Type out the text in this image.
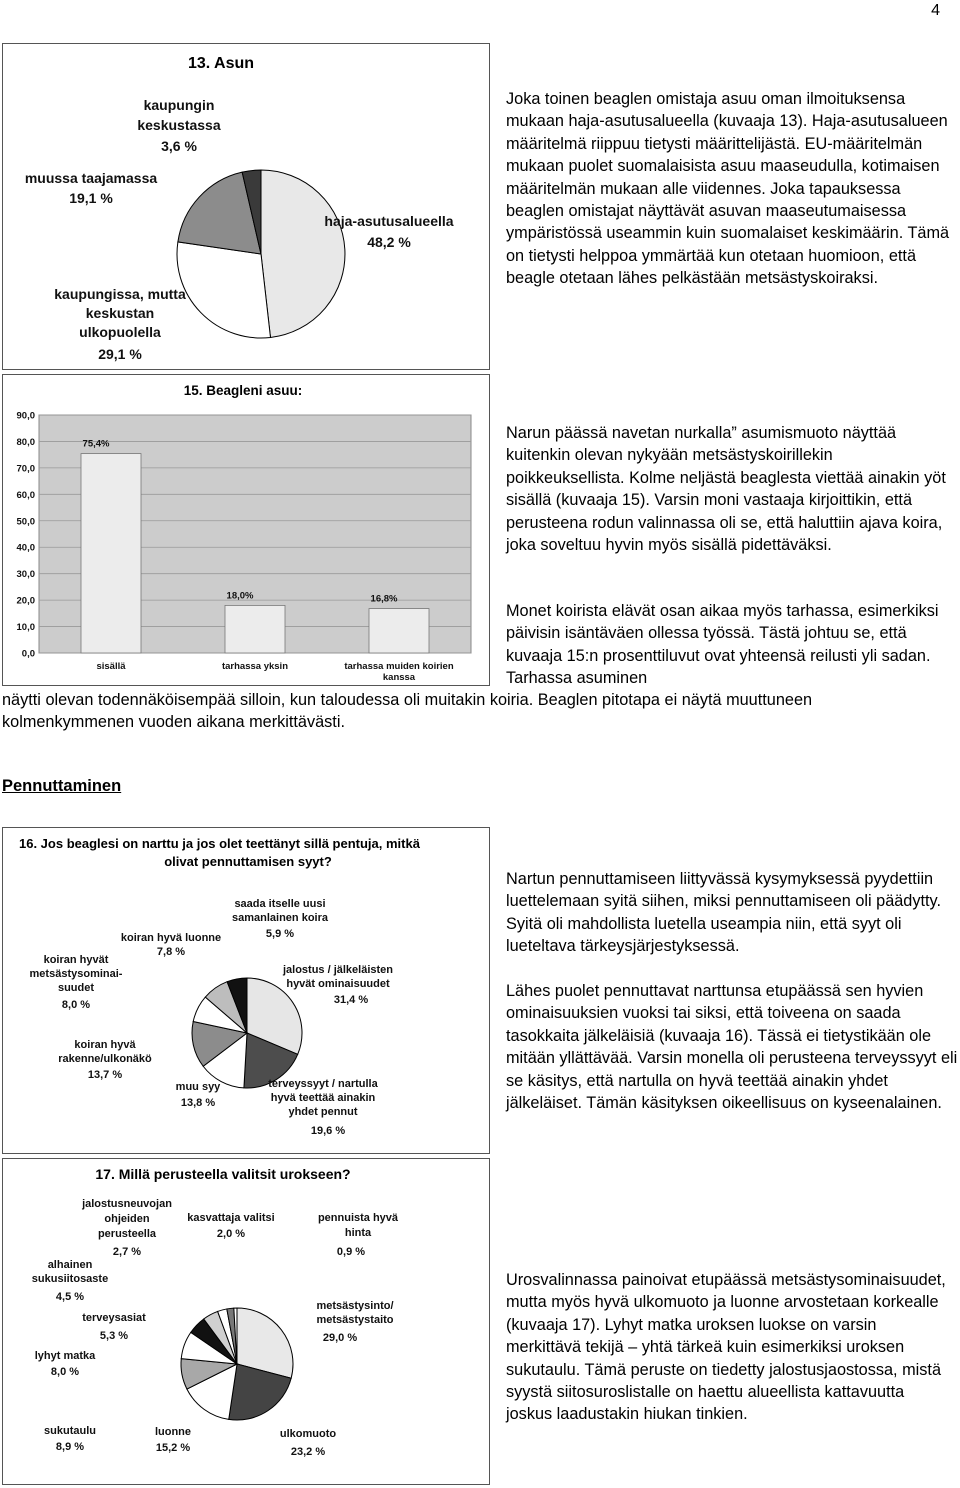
4
13. Asun
haja-asutusalueella
48,2 %
kaupungissa, mutta
keskustan
ulkopuolella
29,1 %
muussa taajamassa
19,1 %
kaupungin
keskustassa
3,6 %

Joka toinen beaglen omistaja asuu oman ilmoituksensa mukaan haja-asutusalueella (kuvaaja 13). Haja-asutusalueen määritelmä riippuu tietysti määrittelijästä. EU-määritelmän mukaan puolet suomalaisista asuu maaseudulla, kotimaisen määritelmän mukaan alle viidennes. Joka tapauksessa beaglen omistajat näyttävät asuvan maaseutumaisessa ympäristössä useammin kuin suomalaiset keskimäärin. Tämä on tietysti helppoa ymmärtää kun otetaan huomioon, että beagle otetaan lähes pelkästään metsästyskoiraksi.

15. Beagleni asuu:
0,0
10,0
20,0
30,0
40,0
50,0
60,0
70,0
80,0
90,0
75,4%
sisällä
18,0%
tarhassa yksin
16,8%
tarhassa muiden koirien kanssa

Narun päässä navetan nurkalla” asumismuoto näyttää kuitenkin olevan nykyään metsästyskoirillekin poikkeuksellista. Kolme neljästä beaglesta viettää ainakin yöt sisällä (kuvaaja 15). Varsin moni vastaaja kirjoittikin, että perusteena rodun valinnassa oli se, että haluttiin ajava koira, joka soveltuu hyvin myös sisällä pidettäväksi.

Monet koirista elävät osan aikaa myös tarhassa, esimerkiksi päivisin isäntäväen ollessa työssä. Tästä johtuu se, että kuvaaja 15:n prosenttiluvut ovat yhteensä reilusti yli sadan. Tarhassa asuminen

näytti olevan todennäköisempää silloin, kun taloudessa oli muitakin koiria. Beaglen pitotapa ei näytä muuttuneen kolmenkymmenen vuoden aikana merkittävästi.

Pennuttaminen
16. Jos beaglesi on narttu ja jos olet teettänyt sillä pentuja, mitkä
olivat pennuttamisen syyt?
jalostus / jälkeläisten
hyvät ominaisuudet
31,4 %
terveyssyyt / nartulla
hyvä teettää ainakin
yhdet pennut
19,6 %
muu syy
13,8 %
koiran hyvä
rakenne/ulkonäkö
13,7 %
koiran hyvät
metsästysominai-
suudet
8,0 %
koiran hyvä luonne
7,8 %
saada itselle uusi
samanlainen koira
5,9 %

Nartun pennuttamiseen liittyvässä kysymyksessä pyydettiin luettelemaan syitä siihen, miksi pennuttamiseen oli päädytty. Syitä oli mahdollista luetella useampia niin, että syyt oli lueteltava tärkeysjärjestyksessä.

Lähes puolet pennuttavat narttunsa etupäässä sen hyvien ominaisuuksien vuoksi tai siksi, että toiveena on saada tasokkaita jälkeläisiä (kuvaaja 16). Tässä ei tietystikään ole mitään yllättävää. Varsin monella oli perusteena terveyssyyt eli se käsitys, että nartulla on hyvä teettää ainakin yhdet jälkeläiset. Tämän käsityksen oikeellisuus on kyseenalainen.

17. Millä perusteella valitsit urokseen?
metsästysinto/
metsästystaito
29,0 %
ulkomuoto
23,2 %
luonne
15,2 %
sukutaulu
8,9 %
lyhyt matka
8,0 %
terveysasiat
5,3 %
alhainen
sukusiitosaste
4,5 %
jalostusneuvojan
ohjeiden
perusteella
2,7 %
kasvattaja valitsi
2,0 %
pennuista hyvä
hinta
0,9 %

Urosvalinnassa painoivat etupäässä metsästysominaisuudet, mutta myös hyvä ulkomuoto ja luonne arvostetaan korkealle (kuvaaja 17). Lyhyt matka uroksen luokse on varsin merkittävä tekijä – yhtä tärkeä kuin esimerkiksi uroksen sukutaulu. Tämä peruste on tiedetty jalostusjaostossa, mistä syystä siitosuroslistalle on haettu alueellista kattavuutta joskus laadustakin hiukan tinkien.
